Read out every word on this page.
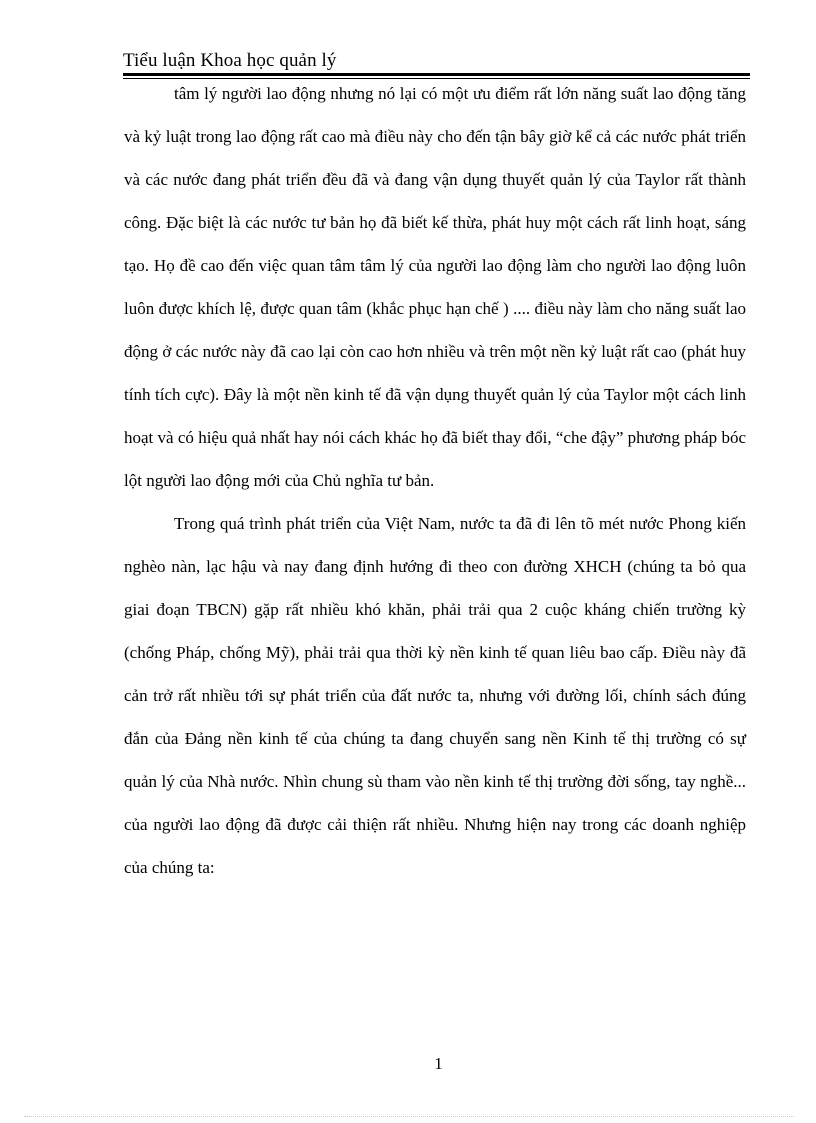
Tiểu luận Khoa học quản lý

tâm lý người lao động nhưng nó lại có một ưu điểm rất lớn năng suất lao động tăng và kỷ luật trong lao động rất cao mà điều này cho đến tận bây giờ kể cả các nước phát triển và các nước đang phát triển đều đã và đang vận dụng thuyết quản lý của Taylor rất thành công. Đặc biệt là các nước tư bản họ đã biết kế thừa, phát huy một cách rất linh hoạt, sáng tạo. Họ đề cao đến việc quan tâm tâm lý của người lao động làm cho người lao động luôn luôn được khích lệ, được quan tâm (khắc phục hạn chế ) .... điều này làm cho năng suất lao động ở các nước này đã cao lại còn cao hơn nhiều và trên một nền kỷ luật rất cao (phát huy tính tích cực). Đây là một nền kinh tế đã vận dụng thuyết quản lý của Taylor một cách linh hoạt và có hiệu quả nhất hay nói cách khác họ đã biết thay đổi, “che đậy” phương pháp bóc lột người lao động mới của Chủ nghĩa tư bản.

Trong quá trình phát triển của Việt Nam, nước ta đã đi lên tõ mét nước Phong kiến nghèo nàn, lạc hậu và nay đang định hướng đi theo con đường XHCH (chúng ta bỏ qua giai đoạn TBCN) gặp rất nhiều khó khăn, phải trải qua 2 cuộc kháng chiến trường kỳ (chống Pháp, chống Mỹ), phải trải qua thời kỳ nền kinh tế quan liêu bao cấp. Điều này đã cản trở rất nhiều tới sự phát triển của đất nước ta, nhưng với đường lối, chính sách đúng đắn của Đảng nền kinh tế của chúng ta đang chuyển sang nền Kinh tế thị trường có sự quản lý của Nhà nước. Nhìn chung sù tham vào nền kinh tế thị trường đời sống, tay nghề... của người lao động đã được cải thiện rất nhiều. Nhưng hiện nay trong các doanh nghiệp của chúng ta:

1
